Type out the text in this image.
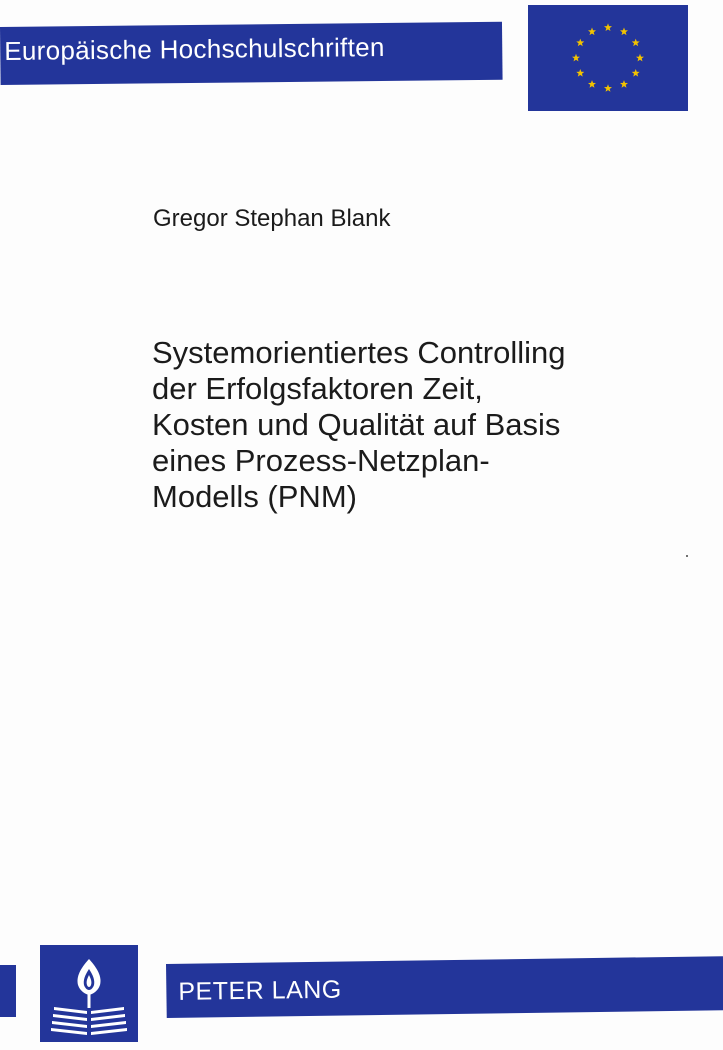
Europäische Hochschulschriften
Gregor Stephan Blank
Systemorientiertes Controlling
der Erfolgsfaktoren Zeit,
Kosten und Qualität auf Basis
eines Prozess-Netzplan-
Modells (PNM)
PETER LANG
